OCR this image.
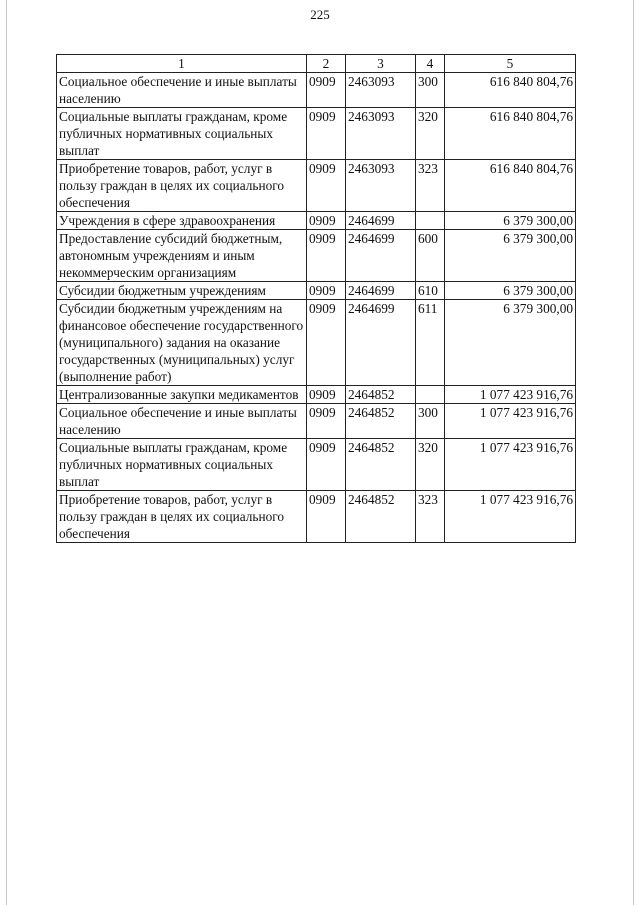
225
1	2	3	4	5
Социальное обеспечение и иные выплаты населению	0909	2463093	300	616 840 804,76
Социальные выплаты гражданам, кроме публичных нормативных социальных выплат	0909	2463093	320	616 840 804,76
Приобретение товаров, работ, услуг в пользу граждан в целях их социального обеспечения	0909	2463093	323	616 840 804,76
Учреждения в сфере здравоохранения	0909	2464699		6 379 300,00
Предоставление субсидий бюджетным, автономным учреждениям и иным некоммерческим организациям	0909	2464699	600	6 379 300,00
Субсидии бюджетным учреждениям	0909	2464699	610	6 379 300,00
Субсидии бюджетным учреждениям на финансовое обеспечение государственного (муниципального) задания на оказание государственных (муниципальных) услуг (выполнение работ)	0909	2464699	611	6 379 300,00
Централизованные закупки медикаментов	0909	2464852		1 077 423 916,76
Социальное обеспечение и иные выплаты населению	0909	2464852	300	1 077 423 916,76
Социальные выплаты гражданам, кроме публичных нормативных социальных выплат	0909	2464852	320	1 077 423 916,76
Приобретение товаров, работ, услуг в пользу граждан в целях их социального обеспечения	0909	2464852	323	1 077 423 916,76
